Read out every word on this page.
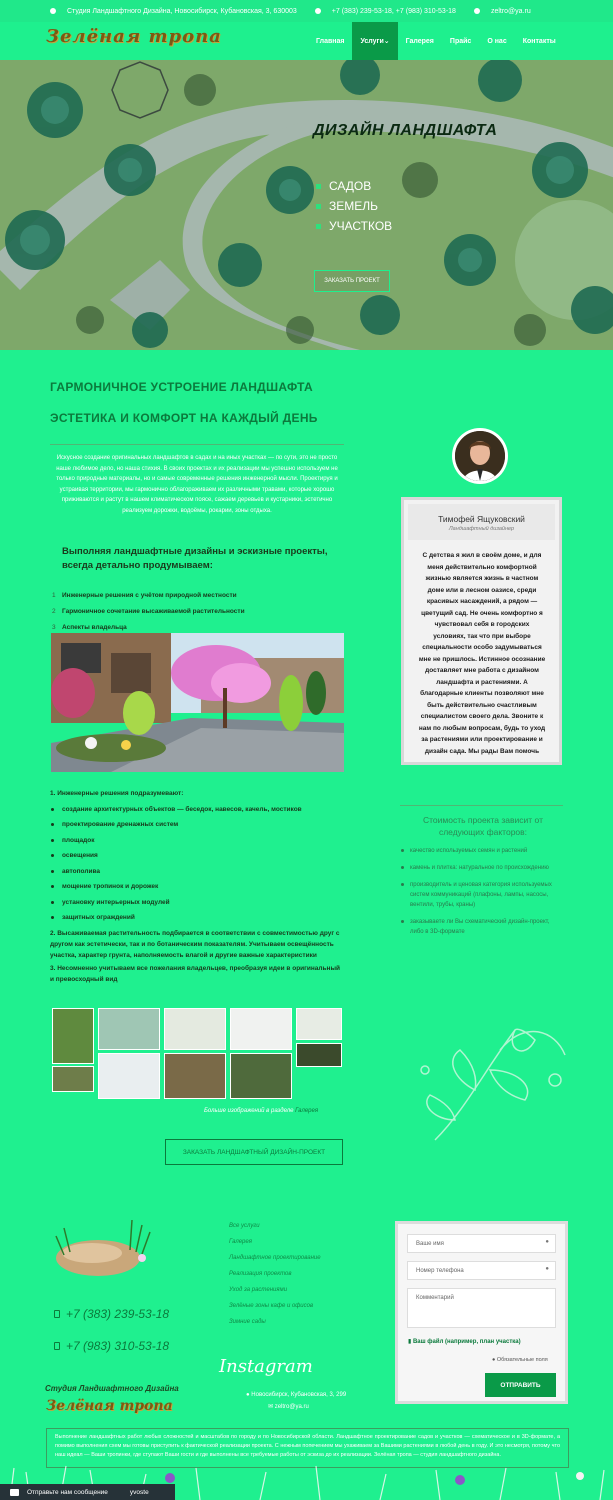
Студия Ландшафтного Дизайна, Новосибирск, Кубановская, 3, 630003	+7 (383) 239-53-18, +7 (983) 310-53-18	zeltro@ya.ru
Зелёная тропа	Главная Услуги ⌄ Галерея Прайс О нас Контакты
ДИЗАЙН ЛАНДШАФТА
САДОВ
ЗЕМЕЛЬ
УЧАСТКОВ
ЗАКАЗАТЬ ПРОЕКТ
ГАРМОНИЧНОЕ УСТРОЕНИЕ ЛАНДШАФТА
ЭСТЕТИКА И КОМФОРТ НА КАЖДЫЙ ДЕНЬ
Искусное создание оригинальных ландшафтов в садах и на иных участках — по сути, это не просто наше любимое дело, но наша стихия. В своих проектах и их реализации мы успешно используем не только природные материалы, но и самые современные решения инженерной мысли. Проектируя и устраивая территории, мы гармонично облагораживаем их различными травами, которые хорошо приживаются и растут в нашем климатическом поясе, сажаем деревьев и кустарники, эстетично реализуем дорожки, водоёмы, рокарии, зоны отдыха.
Выполняя ландшафтные дизайны и эскизные проекты, всегда детально продумываем:
1 Инженерные решения с учётом природной местности
2 Гармоничное сочетание высаживаемой растительности
3 Аспекты владельца
1. Инженерные решения подразумевают:
создание архитектурных объектов — беседок, навесов, качель, мостиков
проектирование дренажных систем
площадок
освещения
автополива
мощение тропинок и дорожек
установку интерьерных модулей
защитных ограждений
2. Высаживаемая растительность подбирается в соответствии с совместимостью друг с другом как эстетически, так и по ботаническим показателям. Учитываем освещённость участка, характер грунта, наполняемость влагой и другие важные характеристики
3. Несомненно учитываем все пожелания владельцев, преобразуя идеи в оригинальный и превосходный вид
Больше изображений в разделе Галерея
ЗАКАЗАТЬ ЛАНДШАФТНЫЙ ДИЗАЙН-ПРОЕКТ
Тимофей Ящуковский
Ландшафтный дизайнер
С детства я жил в своём доме, и для меня действительно комфортной жизнью является жизнь в частном доме или в лесном оазисе, среди красивых насаждений, а рядом — цветущий сад. Не очень комфортно я чувствовал себя в городских условиях, так что при выборе специальности особо задумываться мне не пришлось. Истинное осознание доставляет мне работа с дизайном ландшафта и растениями. А благодарные клиенты позволяют мне быть действительно счастливым специалистом своего дела. Звоните к нам по любым вопросам, будь то уход за растениями или проектирование и дизайн сада. Мы рады Вам помочь
Стоимость проекта зависит от следующих факторов:
качество используемых семян и растений
камень и плитка: натуральное по происхождению
производитель и ценовая категория используемых систем коммуникаций (плафоны, лампы, насосы, вентили, трубы, краны)
заказываете ли Вы схематический дизайн-проект, либо в 3D-формате
Все услуги
Галерея
Ландшафтное проектирование
Реализация проектов
Уход за растениями
Зелёные зоны кафе и офисов
Зимние сады
+7 (383) 239-53-18
+7 (983) 310-53-18
Instagram
● Новосибирск, Кубановская, 3, 299
✉ zeltro@ya.ru
Студия Ландшафтного Дизайна
Зелёная тропа
Ваше имя	●
Номер телефона	●
Комментарий
▮ Ваш файл (например, план участка)
● Обязательные поля
ОТПРАВИТЬ
Выполнение ландшафтных работ любых сложностей и масштабов по городу и по Новосибирской области. Ландшафтное проектирование садов и участков — схематическое и в 3D-формате, а помимо выполнения схем мы готовы приступить к фактической реализации проекта. С нежным попечением мы ухаживаем за Вашими растениями в любой день в году. И это несмотря, потому что наш идеал — Ваши тропинки, где ступают Ваши гости и где выполнены все требуемые работы от эскиза до их реализации. Зелёная тропа — студия ландшафтного дизайна.
Отправьте нам сообщение	yvoste
